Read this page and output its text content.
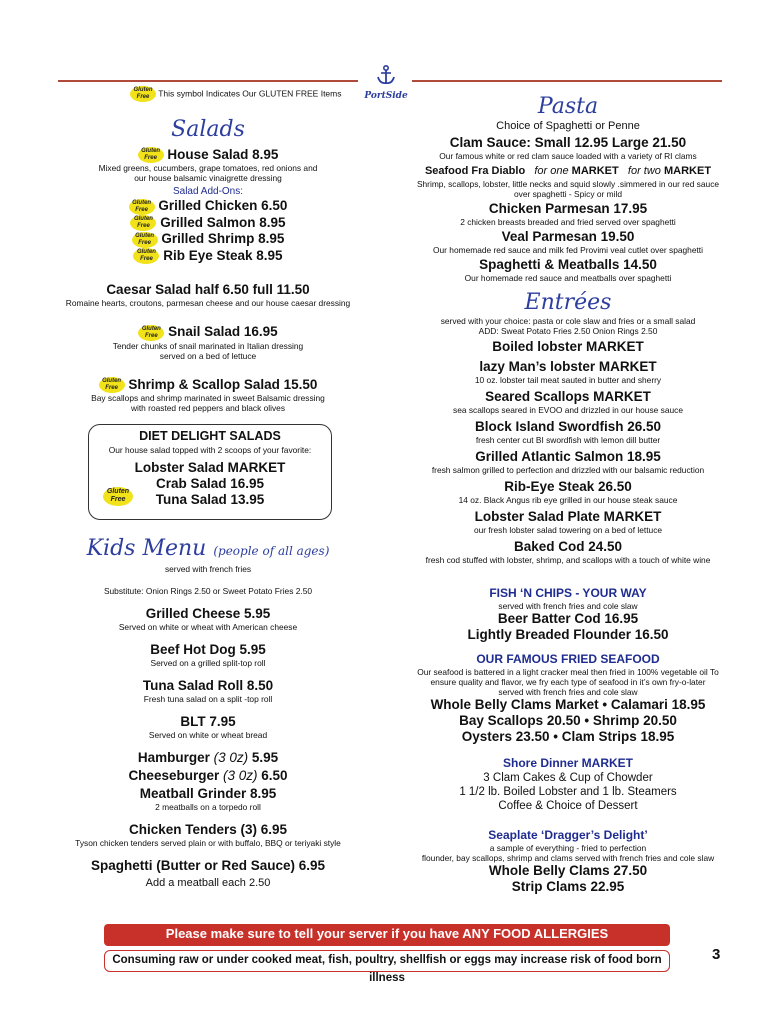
PortSide
Gluten Free This symbol Indicates Our GLUTEN FREE Items
Salads
Gluten Free House Salad 8.95
Mixed greens, cucumbers, grape tomatoes, red onions and
our house balsamic vinaigrette dressing
Salad Add-Ons:
Gluten Free Grilled Chicken 6.50
Gluten Free Grilled Salmon 8.95
Gluten Free Grilled Shrimp 8.95
Gluten Free Rib Eye Steak 8.95
Caesar Salad half 6.50 full 11.50
Romaine hearts, croutons, parmesan cheese and our house caesar dressing
Gluten Free Snail Salad 16.95
Tender chunks of snail marinated in Italian dressing
served on a bed of lettuce
Gluten Free Shrimp & Scallop Salad 15.50
Bay scallops and shrimp marinated in sweet Balsamic dressing
with roasted red peppers and black olives
DIET DELIGHT SALADS
Our house salad topped with 2 scoops of your favorite:
Lobster Salad MARKET
Crab Salad 16.95
Tuna Salad 13.95
Gluten Free
Kids Menu (people of all ages)
served with french fries
Substitute: Onion Rings 2.50 or Sweet Potato Fries 2.50
Grilled Cheese 5.95
Served on white or wheat with American cheese
Beef Hot Dog 5.95
Served on a grilled split-top roll
Tuna Salad Roll 8.50
Fresh tuna salad on a split -top roll
BLT 7.95
Served on white or wheat bread
Hamburger (3 0z) 5.95
Cheeseburger (3 0z) 6.50
Meatball Grinder 8.95
2 meatballs on a torpedo roll
Chicken Tenders (3) 6.95
Tyson chicken tenders served plain or with buffalo, BBQ or teriyaki style
Spaghetti (Butter or Red Sauce) 6.95
Add a meatball each 2.50
Pasta
Choice of Spaghetti or Penne
Clam Sauce: Small 12.95 Large 21.50
Our famous white or red clam sauce loaded with a variety of RI clams
Seafood Fra Diablo for one MARKET for two MARKET
Shrimp, scallops, lobster, little necks and squid slowly .simmered in our red sauce
over spaghetti - Spicy or mild
Chicken Parmesan 17.95
2 chicken breasts breaded and fried served over spaghetti
Veal Parmesan 19.50
Our homemade red sauce and milk fed Provimi veal cutlet over spaghetti
Spaghetti & Meatballs 14.50
Our homemade red sauce and meatballs over spaghetti
Entrées
served with your choice: pasta or cole slaw and fries or a small salad
ADD: Sweat Potato Fries 2.50 Onion Rings 2.50
Boiled lobster MARKET
lazy Man’s lobster MARKET
10 oz. lobster tail meat sauted in butter and sherry
Seared Scallops MARKET
sea scallops seared in EVOO and drizzled in our house sauce
Block Island Swordfish 26.50
fresh center cut BI swordfish with lemon dill butter
Grilled Atlantic Salmon 18.95
fresh salmon grilled to perfection and drizzled with our balsamic reduction
Rib-Eye Steak 26.50
14 oz. Black Angus rib eye grilled in our house steak sauce
Lobster Salad Plate MARKET
our fresh lobster salad towering on a bed of lettuce
Baked Cod 24.50
fresh cod stuffed with lobster, shrimp, and scallops with a touch of white wine
FISH ‘N CHIPS - YOUR WAY
served with french fries and cole slaw
Beer Batter Cod 16.95
Lightly Breaded Flounder 16.50
OUR FAMOUS FRIED SEAFOOD
Our seafood is battered in a light cracker meal then fried in 100% vegetable oil To
ensure quality and flavor, we fry each type of seafood in it’s own fry-o-later
served with french fries and cole slaw
Whole Belly Clams Market • Calamari 18.95
Bay Scallops 20.50 • Shrimp 20.50
Oysters 23.50 • Clam Strips 18.95
Shore Dinner MARKET
3 Clam Cakes & Cup of Chowder
1 1/2 lb. Boiled Lobster and 1 lb. Steamers
Coffee & Choice of Dessert
Seaplate ‘Dragger’s Delight’
a sample of everything - fried to perfection
flounder, bay scallops, shrimp and clams served with french fries and cole slaw
Whole Belly Clams 27.50
Strip Clams 22.95
Please make sure to tell your server if you have ANY FOOD ALLERGIES
Consuming raw or under cooked meat, fish, poultry, shellfish or eggs may increase risk of food born illness
3
